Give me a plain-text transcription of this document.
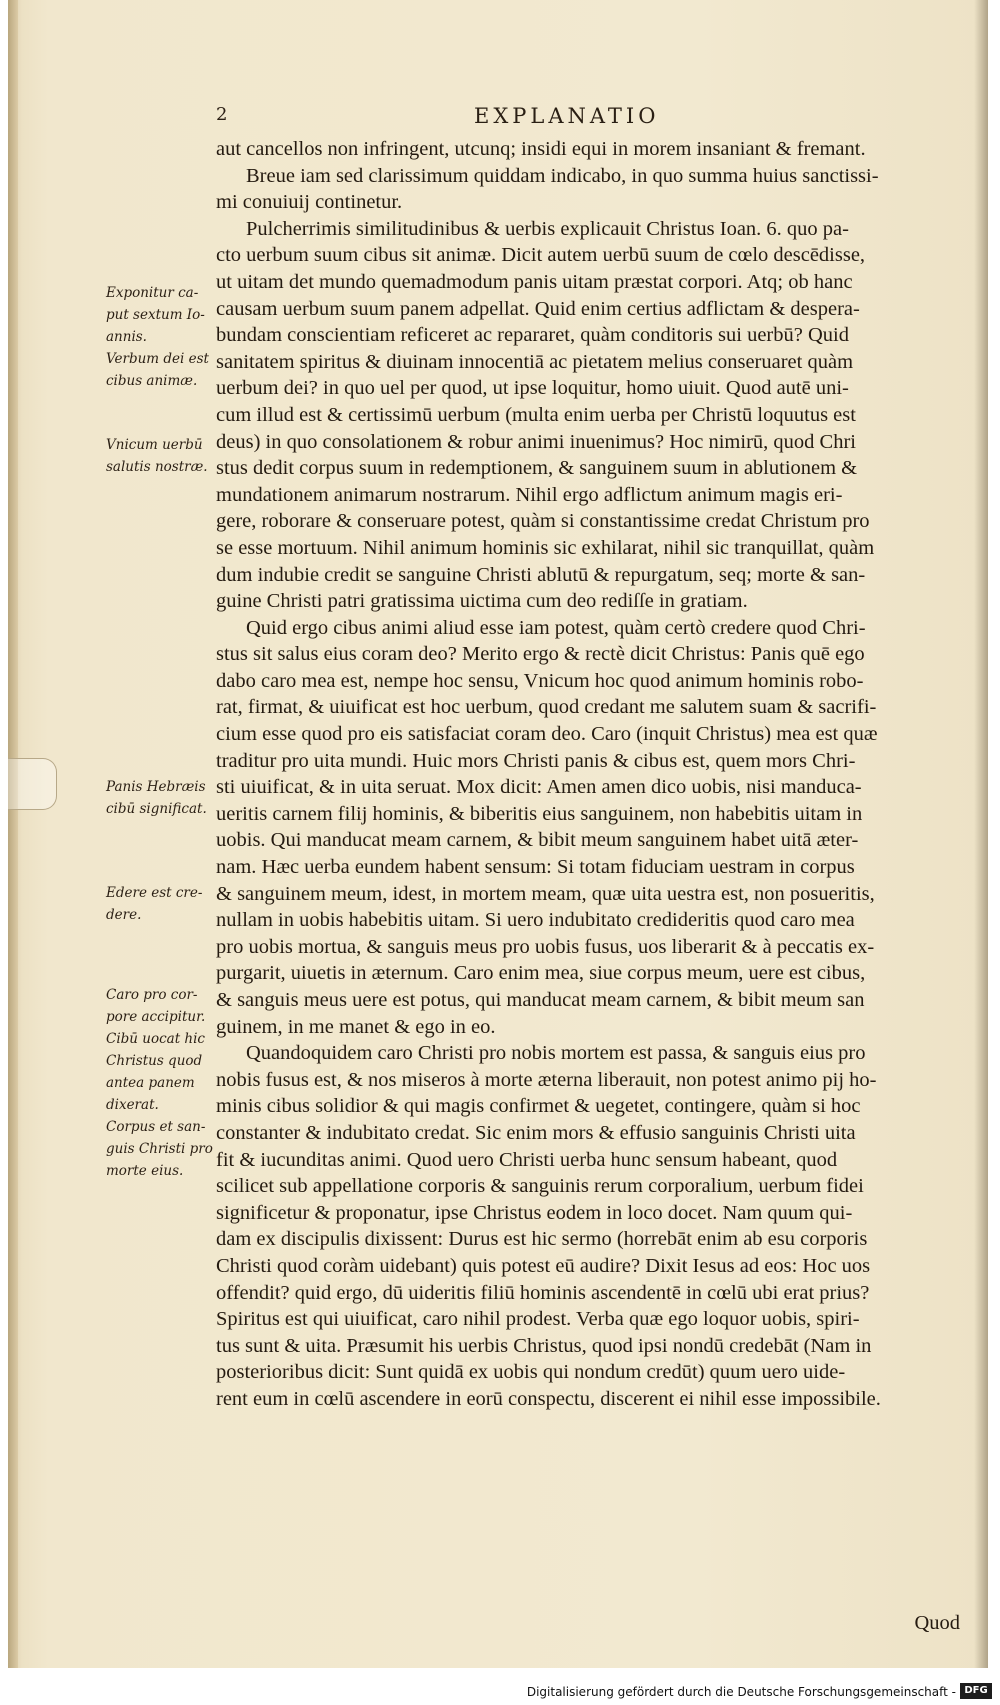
2	EXPLANATIO
Exponitur ca-
put sextum Io-
annis.
Verbum dei est
cibus animæ.
Vnicum uerbū
salutis nostræ.
Panis Hebræis
cibū significat.
Edere est cre-
dere.
Caro pro cor-
pore accipitur.
Cibū uocat hic
Christus quod
antea panem
dixerat.
Corpus et san-
guis Christi pro
morte eius.
aut cancellos non infringent, utcunq; insidi equi in morem insaniant & fremant.
Breue iam sed clarissimum quiddam indicabo, in quo summa huius sanctissi-
mi conuiuij continetur.
Pulcherrimis similitudinibus & uerbis explicauit Christus Ioan. 6. quo pa-
cto uerbum suum cibus sit animæ. Dicit autem uerbū suum de cœlo descēdisse,
ut uitam det mundo quemadmodum panis uitam præstat corpori. Atq; ob hanc
causam uerbum suum panem adpellat. Quid enim certius adflictam & despera-
bundam conscientiam reficeret ac repararet, quàm conditoris sui uerbū? Quid
sanitatem spiritus & diuinam innocentiā ac pietatem melius conseruaret quàm
uerbum dei? in quo uel per quod, ut ipse loquitur, homo uiuit. Quod autē uni-
cum illud est & certissimū uerbum (multa enim uerba per Christū loquutus est
deus) in quo consolationem & robur animi inuenimus? Hoc nimirū, quod Chri
stus dedit corpus suum in redemptionem, & sanguinem suum in ablutionem &
mundationem animarum nostrarum. Nihil ergo adflictum animum magis eri-
gere, roborare & conseruare potest, quàm si constantissime credat Christum pro
se esse mortuum. Nihil animum hominis sic exhilarat, nihil sic tranquillat, quàm
dum indubie credit se sanguine Christi ablutū & repurgatum, seq; morte & san-
guine Christi patri gratissima uictima cum deo rediſſe in gratiam.
Quid ergo cibus animi aliud esse iam potest, quàm certò credere quod Chri-
stus sit salus eius coram deo? Merito ergo & rectè dicit Christus: Panis quē ego
dabo caro mea est, nempe hoc sensu, Vnicum hoc quod animum hominis robo-
rat, firmat, & uiuificat est hoc uerbum, quod credant me salutem suam & sacrifi-
cium esse quod pro eis satisfaciat coram deo. Caro (inquit Christus) mea est quæ
traditur pro uita mundi. Huic mors Christi panis & cibus est, quem mors Chri-
sti uiuificat, & in uita seruat. Mox dicit: Amen amen dico uobis, nisi manduca-
ueritis carnem filij hominis, & biberitis eius sanguinem, non habebitis uitam in
uobis. Qui manducat meam carnem, & bibit meum sanguinem habet uitā æter-
nam. Hæc uerba eundem habent sensum: Si totam fiduciam uestram in corpus
& sanguinem meum, idest, in mortem meam, quæ uita uestra est, non posueritis,
nullam in uobis habebitis uitam. Si uero indubitato credideritis quod caro mea
pro uobis mortua, & sanguis meus pro uobis fusus, uos liberarit & à peccatis ex-
purgarit, uiuetis in æternum. Caro enim mea, siue corpus meum, uere est cibus,
& sanguis meus uere est potus, qui manducat meam carnem, & bibit meum san
guinem, in me manet & ego in eo.
Quandoquidem caro Christi pro nobis mortem est passa, & sanguis eius pro
nobis fusus est, & nos miseros à morte æterna liberauit, non potest animo pij ho-
minis cibus solidior & qui magis confirmet & uegetet, contingere, quàm si hoc
constanter & indubitato credat. Sic enim mors & effusio sanguinis Christi uita
fit & iucunditas animi. Quod uero Christi uerba hunc sensum habeant, quod
scilicet sub appellatione corporis & sanguinis rerum corporalium, uerbum fidei
significetur & proponatur, ipse Christus eodem in loco docet. Nam quum qui-
dam ex discipulis dixissent: Durus est hic sermo (horrebāt enim ab esu corporis
Christi quod coràm uidebant) quis potest eū audire? Dixit Iesus ad eos: Hoc uos
offendit? quid ergo, dū uideritis filiū hominis ascendentē in cœlū ubi erat prius?
Spiritus est qui uiuificat, caro nihil prodest. Verba quæ ego loquor uobis, spiri-
tus sunt & uita. Præsumit his uerbis Christus, quod ipsi nondū credebāt (Nam in
posterioribus dicit: Sunt quidā ex uobis qui nondum credūt) quum uero uide-
rent eum in cœlū ascendere in eorū conspectu, discerent ei nihil esse impossibile.
Quod
Digitalisierung gefördert durch die Deutsche Forschungsgemeinschaft - DFG
